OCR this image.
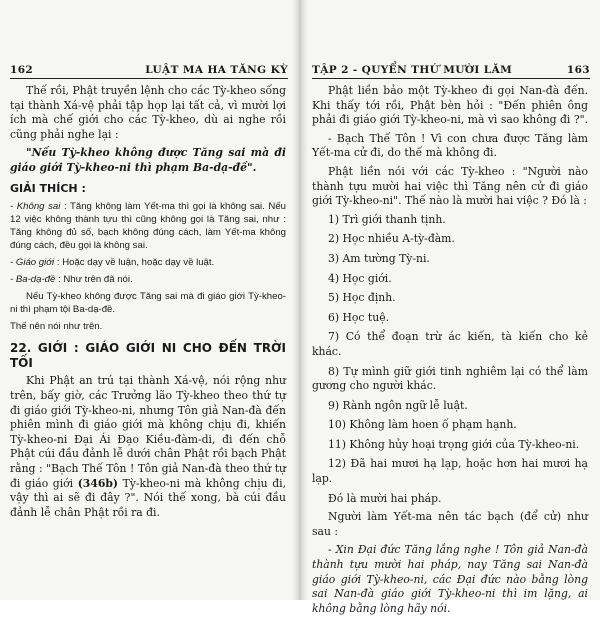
162	LUẬT MA HA TĂNG KỲ

Thế rồi, Phật truyền lệnh cho các Tỳ-kheo sống tại thành Xá-vệ phải tập họp lại tất cả, vì mười lợi ích mà chế giới cho các Tỳ-kheo, dù ai nghe rồi cũng phải nghe lại :

"Nếu Tỳ-kheo không được Tăng sai mà đi giáo giới Tỳ-kheo-ni thì phạm Ba-dạ-đề".

GIẢI THÍCH :

- Không sai : Tăng không làm Yết-ma thì gọi là không sai. Nếu 12 việc không thành tựu thì cũng không gọi là Tăng sai, như : Tăng không đủ số, bạch không đúng cách, làm Yết-ma không đúng cách, đều gọi là không sai.

- Giáo giới : Hoặc dạy về luận, hoặc dạy về luật.

- Ba-dạ-đề : Như trên đã nói.

Nếu Tỳ-kheo không được Tăng sai mà đi giáo giới Tỳ-kheo-ni thì phạm tội Ba-dạ-đề.

Thế nên nói như trên.

22. GIỚI : GIÁO GIỚI NI CHO ĐẾN TRỜI TỐI

Khi Phật an trú tại thành Xá-vệ, nói rộng như trên, bấy giờ, các Trưởng lão Tỳ-kheo theo thứ tự đi giáo giới Tỳ-kheo-ni, nhưng Tôn giả Nan-đà đến phiên mình đi giáo giới mà không chịu đi, khiến Tỳ-kheo-ni Đại Ái Đạo Kiều-đàm-di, đi đến chỗ Phật cúi đầu đảnh lễ dưới chân Phật rồi bạch Phật rằng : "Bạch Thế Tôn ! Tôn giả Nan-đà theo thứ tự đi giáo giới (346b) Tỳ-kheo-ni mà không chịu đi, vậy thì ai sẽ đi đây ?". Nói thế xong, bà cúi đầu đảnh lễ chân Phật rồi ra đi.

TẬP 2 - QUYỂN THỨ MƯỜI LĂM	163

Phật liền bảo một Tỳ-kheo đi gọi Nan-đà đến. Khi thấy tới rồi, Phật bèn hỏi : "Đến phiên ông phải đi giáo giới Tỳ-kheo-ni, mà vì sao không đi ?".

- Bạch Thế Tôn ! Vì con chưa được Tăng làm Yết-ma cử đi, do thế mà không đi.

Phật liền nói với các Tỳ-kheo : "Người nào thành tựu mười hai việc thì Tăng nên cử đi giáo giới Tỳ-kheo-ni". Thế nào là mười hai việc ? Đó là :

1) Trì giới thanh tịnh.

2) Học nhiều A-tỳ-đàm.

3) Am tường Tỳ-ni.

4) Học giới.

5) Học định.

6) Học tuệ.

7) Có thể đoạn trừ ác kiến, tà kiến cho kẻ khác.

8) Tự mình giữ giới tinh nghiêm lại có thể làm gương cho người khác.

9) Rành ngôn ngữ lễ luật.

10) Không làm hoen ố phạm hạnh.

11) Không hủy hoại trọng giới của Tỳ-kheo-ni.

12) Đã hai mươi hạ lạp, hoặc hơn hai mươi hạ lạp.

Đó là mười hai pháp.

Người làm Yết-ma nên tác bạch (để cử) như sau :

- Xin Đại đức Tăng lắng nghe ! Tôn giả Nan-đà thành tựu mười hai pháp, nay Tăng sai Nan-đà giáo giới Tỳ-kheo-ni, các Đại đức nào bằng lòng sai Nan-đà giáo giới Tỳ-kheo-ni thì im lặng, ai không bằng lòng hãy nói.
